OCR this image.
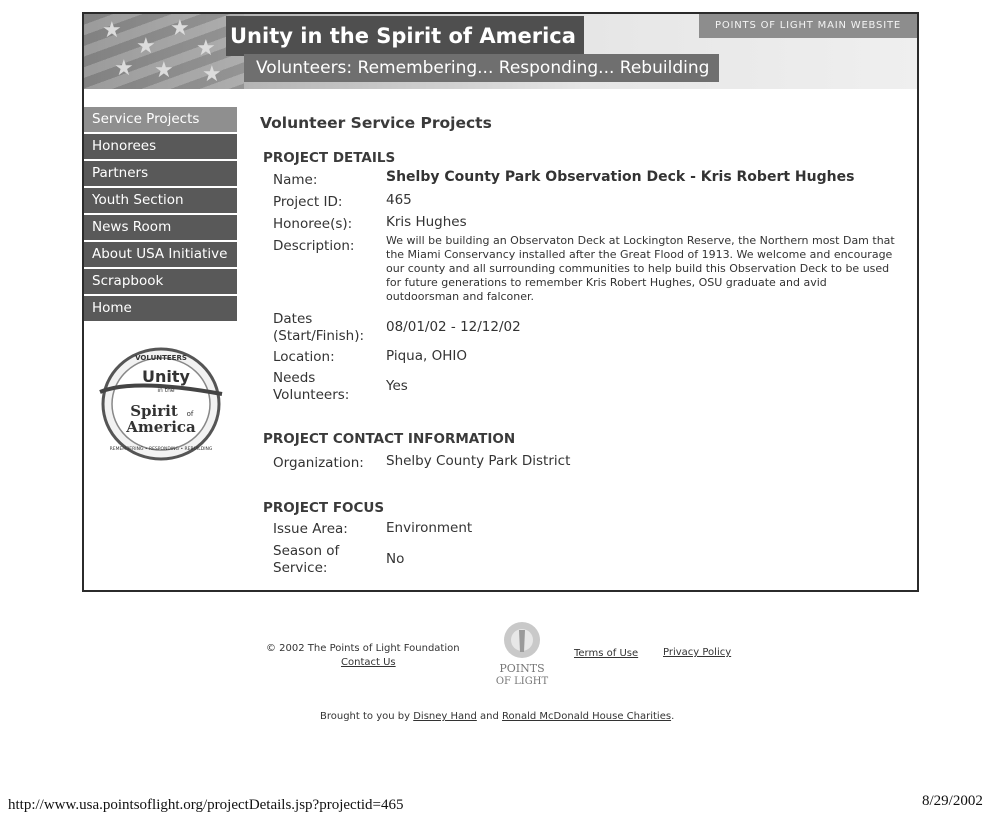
★
★
★
★ ★
★
★
Unity in the Spirit of America
Volunteers: Remembering... Responding... Rebuilding
POINTS OF LIGHT MAIN WEBSITE
Service Projects
Honorees
Partners
Youth Section
News Room
About USA Initiative
Scrapbook
Home
VOLUNTEERS
Unity
in the
Spirit of
America
REMEMBERING • RESPONDING • REBUILDING
Volunteer Service Projects
PROJECT DETAILS
Name:	Shelby County Park Observation Deck - Kris Robert Hughes
Project ID:	465
Honoree(s):	Kris Hughes
Description:	We will be building an Observaton Deck at Lockington Reserve, the Northern most Dam that the Miami Conservancy installed after the Great Flood of 1913. We welcome and encourage our county and all surrounding communities to help build this Observation Deck to be used for future generations to remember Kris Robert Hughes, OSU graduate and avid outdoorsman and falconer.
Dates
(Start/Finish):
08/01/02 - 12/12/02
Location:	Piqua, OHIO
Needs
Volunteers:
Yes
PROJECT CONTACT INFORMATION
Organization: Shelby County Park District
PROJECT FOCUS
Issue Area:	Environment
Season of
Service:
No
© 2002 The Points of Light Foundation
Contact Us	POINTS
OF LIGHT
Terms of Use Privacy Policy
Brought to you by Disney Hand and Ronald McDonald House Charities.
http://www.usa.pointsoflight.org/projectDetails.jsp?projectid=465	8/29/2002
